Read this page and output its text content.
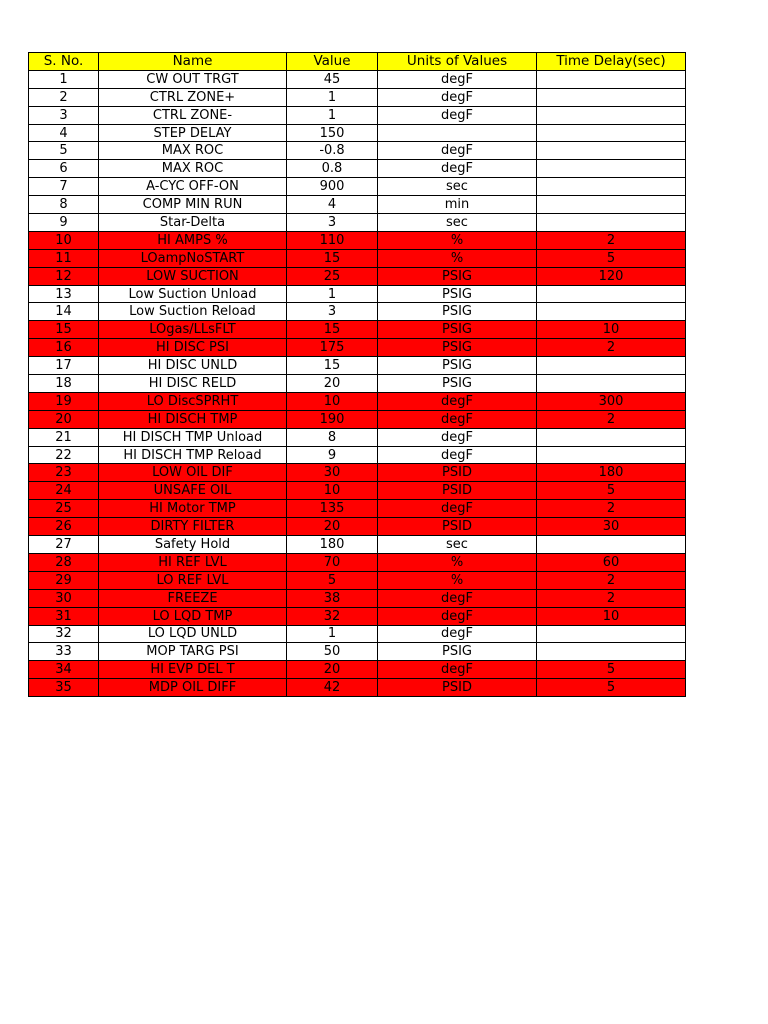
S. No.	Name	Value	Units of Values	Time Delay(sec)
1	CW OUT TRGT	45	degF	
2	CTRL ZONE+	1	degF	
3	CTRL ZONE-	1	degF	
4	STEP DELAY	150		
5	MAX ROC	-0.8	degF	
6	MAX ROC	0.8	degF	
7	A-CYC OFF-ON	900	sec	
8	COMP MIN RUN	4	min	
9	Star-Delta	3	sec	
10	HI AMPS %	110	%	2
11	LOampNoSTART	15	%	5
12	LOW SUCTION	25	PSIG	120
13	Low Suction Unload	1	PSIG	
14	Low Suction Reload	3	PSIG	
15	LOgas/LLsFLT	15	PSIG	10
16	HI DISC PSI	175	PSIG	2
17	HI DISC UNLD	15	PSIG	
18	HI DISC RELD	20	PSIG	
19	LO DiscSPRHT	10	degF	300
20	HI DISCH TMP	190	degF	2
21	HI DISCH TMP Unload	8	degF	
22	HI DISCH TMP Reload	9	degF	
23	LOW OIL DIF	30	PSID	180
24	UNSAFE OIL	10	PSID	5
25	HI Motor TMP	135	degF	2
26	DIRTY FILTER	20	PSID	30
27	Safety Hold	180	sec	
28	HI REF LVL	70	%	60
29	LO REF LVL	5	%	2
30	FREEZE	38	degF	2
31	LO LQD TMP	32	degF	10
32	LO LQD UNLD	1	degF	
33	MOP TARG PSI	50	PSIG	
34	HI EVP DEL T	20	degF	5
35	MDP OIL DIFF	42	PSID	5
